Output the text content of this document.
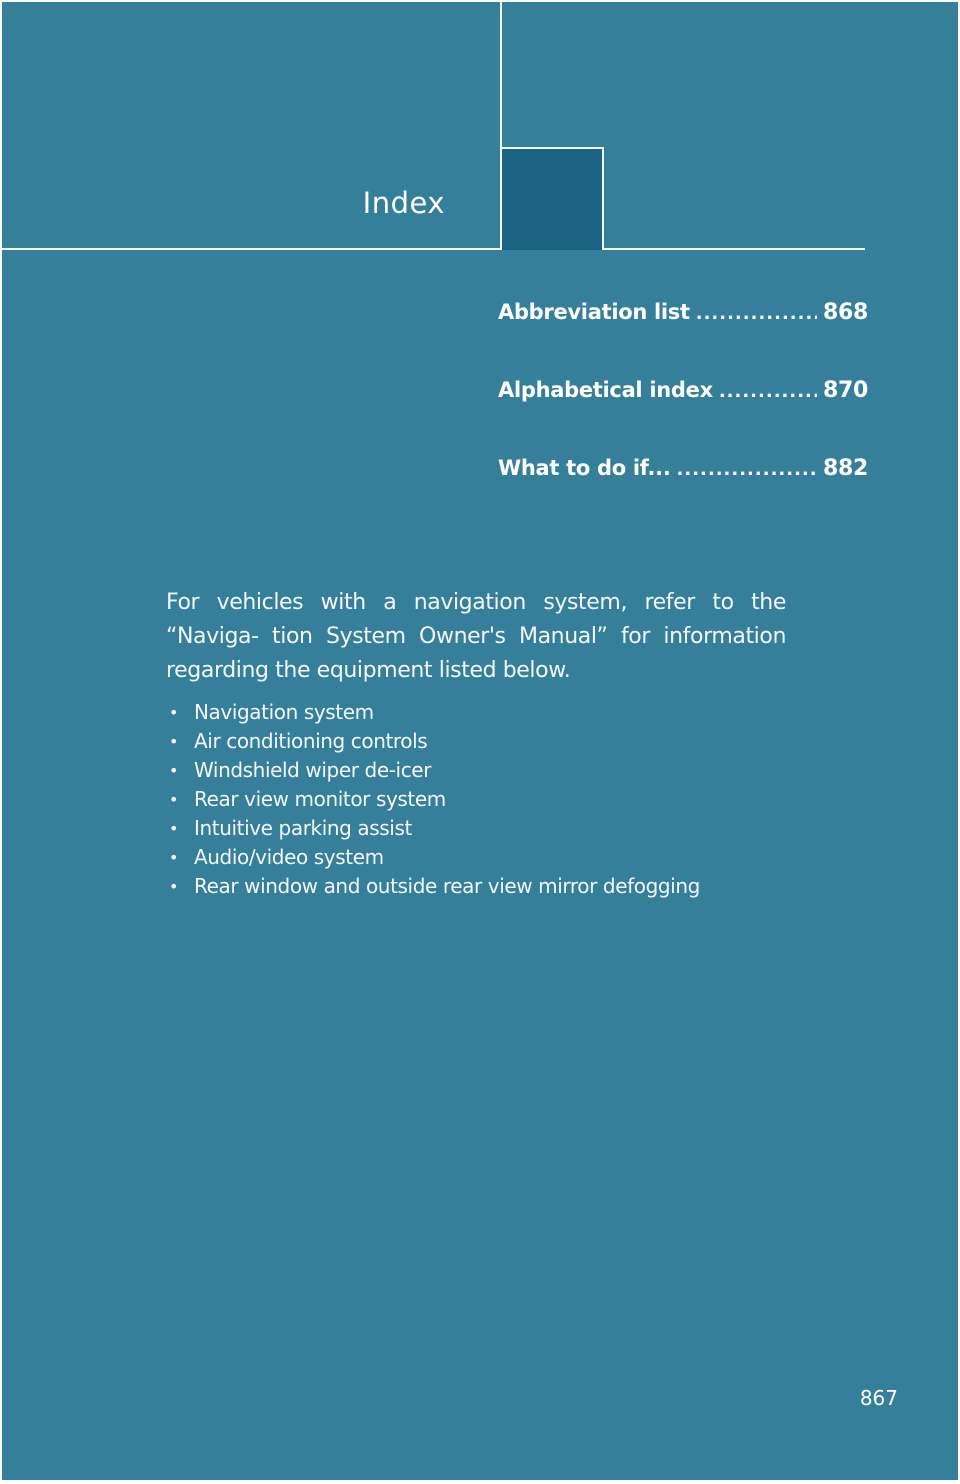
Index
Abbreviation list .....	868
Alphabetical index .....	870
What to do if... .....	882
For vehicles with a navigation system, refer to the “Naviga- tion System Owner's Manual” for information regarding the equipment listed below.
• Navigation system
• Air conditioning controls
• Windshield wiper de-icer
• Rear view monitor system
• Intuitive parking assist
• Audio/video system
• Rear window and outside rear view mirror defogging
867
